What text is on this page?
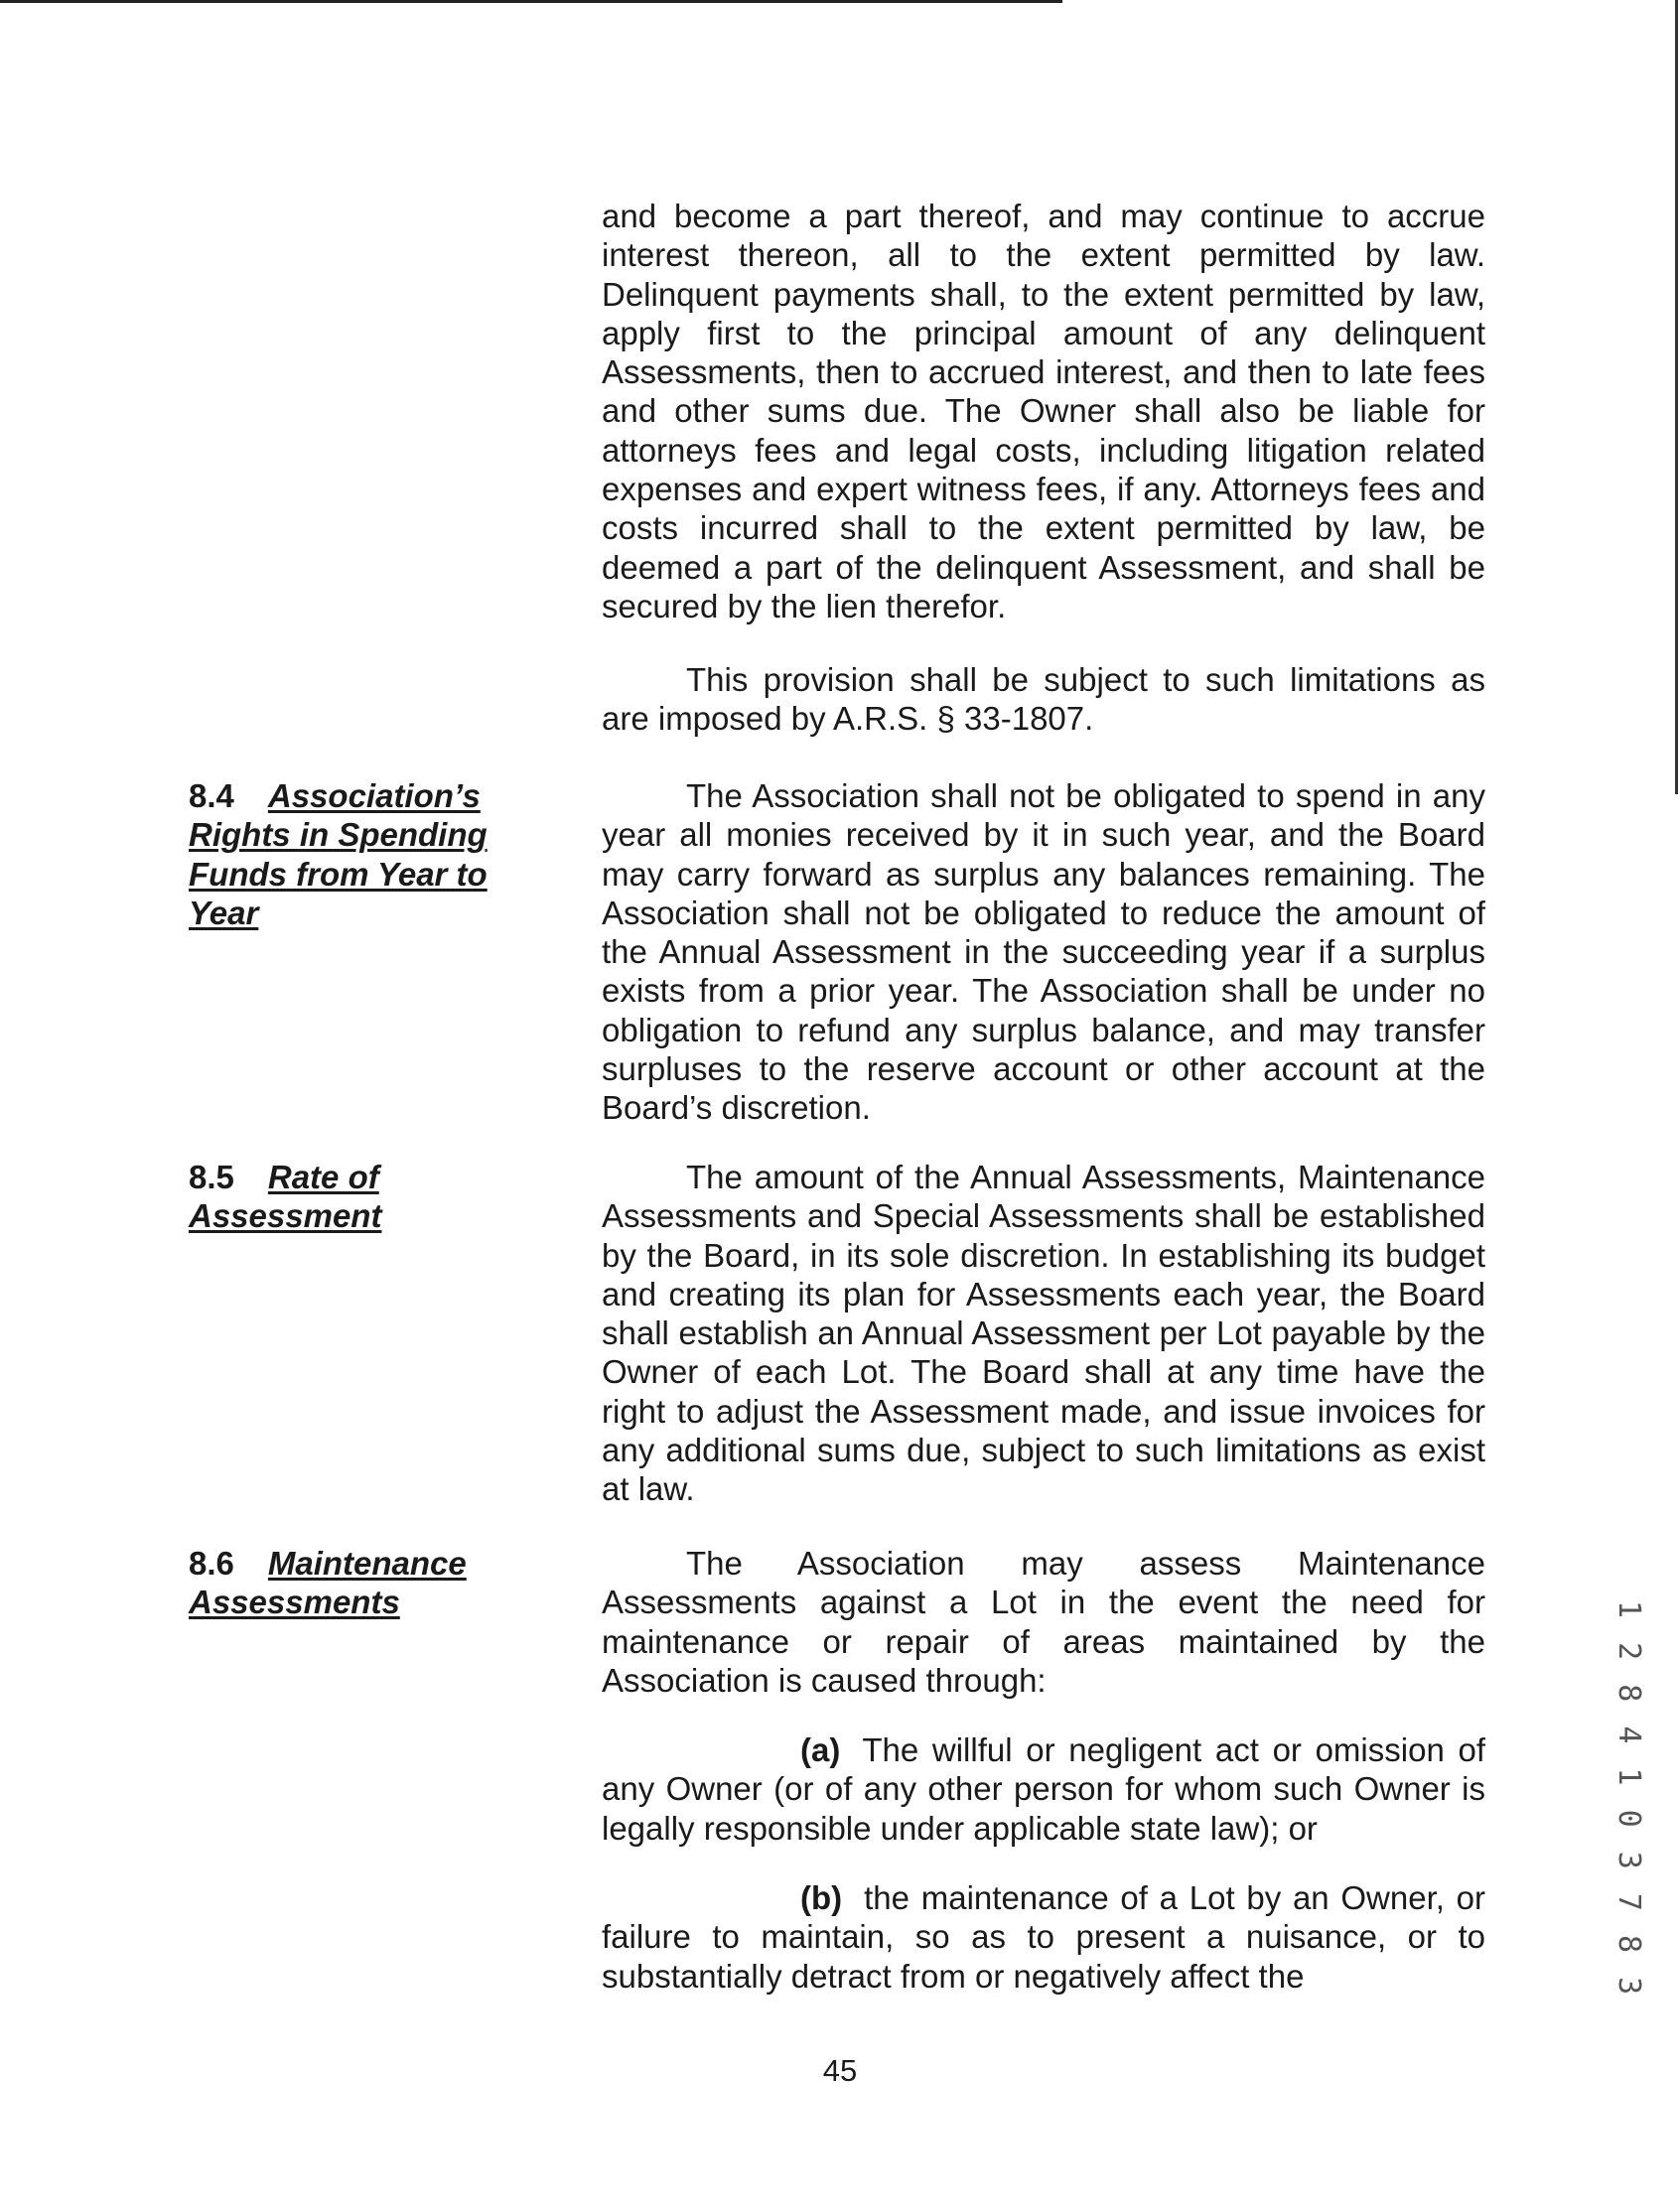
and become a part thereof, and may continue to accrue interest thereon, all to the extent permitted by law. Delinquent payments shall, to the extent permitted by law, apply first to the principal amount of any delinquent Assessments, then to accrued interest, and then to late fees and other sums due. The Owner shall also be liable for attorneys fees and legal costs, including litigation related expenses and expert witness fees, if any. Attorneys fees and costs incurred shall to the extent permitted by law, be deemed a part of the delinquent Assessment, and shall be secured by the lien therefor.

This provision shall be subject to such limitations as are imposed by A.R.S. § 33-1807.

8.4 Association’s Rights in Spending Funds from Year to Year

The Association shall not be obligated to spend in any year all monies received by it in such year, and the Board may carry forward as surplus any balances remaining. The Association shall not be obligated to reduce the amount of the Annual Assessment in the succeeding year if a surplus exists from a prior year. The Association shall be under no obligation to refund any surplus balance, and may transfer surpluses to the reserve account or other account at the Board’s discretion.

8.5 Rate of Assessment

The amount of the Annual Assessments, Maintenance Assessments and Special Assessments shall be established by the Board, in its sole discretion. In establishing its budget and creating its plan for Assessments each year, the Board shall establish an Annual Assessment per Lot payable by the Owner of each Lot. The Board shall at any time have the right to adjust the Assessment made, and issue invoices for any additional sums due, subject to such limitations as exist at law.

8.6 Maintenance Assessments

The Association may assess Maintenance Assessments against a Lot in the event the need for maintenance or repair of areas maintained by the Association is caused through:

(a) The willful or negligent act or omission of any Owner (or of any other person for whom such Owner is legally responsible under applicable state law); or

(b) the maintenance of a Lot by an Owner, or failure to maintain, so as to present a nuisance, or to substantially detract from or negatively affect the

45
1 2 8 4 1 0 3 7 8 3
